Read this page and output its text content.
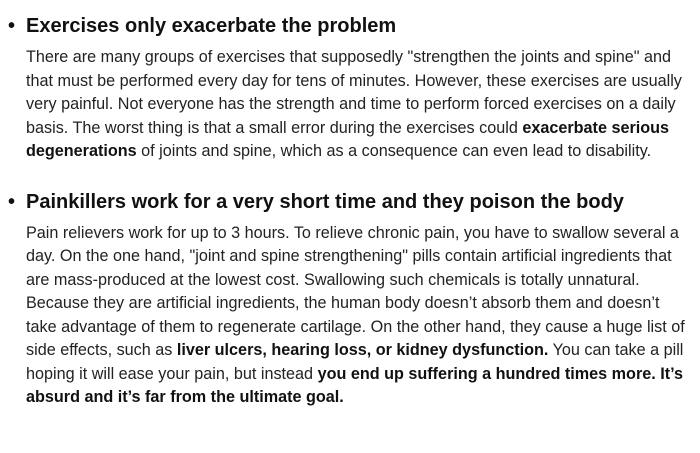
• Exercises only exacerbate the problem

There are many groups of exercises that supposedly "strengthen the joints and spine" and that must be performed every day for tens of minutes. However, these exercises are usually very painful. Not everyone has the strength and time to perform forced exercises on a daily basis. The worst thing is that a small error during the exercises could exacerbate serious degenerations of joints and spine, which as a consequence can even lead to disability.

• Painkillers work for a very short time and they poison the body

Pain relievers work for up to 3 hours. To relieve chronic pain, you have to swallow several a day. On the one hand, "joint and spine strengthening" pills contain artificial ingredients that are mass-produced at the lowest cost. Swallowing such chemicals is totally unnatural. Because they are artificial ingredients, the human body doesn’t absorb them and doesn’t take advantage of them to regenerate cartilage. On the other hand, they cause a huge list of side effects, such as liver ulcers, hearing loss, or kidney dysfunction. You can take a pill hoping it will ease your pain, but instead you end up suffering a hundred times more. It’s absurd and it’s far from the ultimate goal.
